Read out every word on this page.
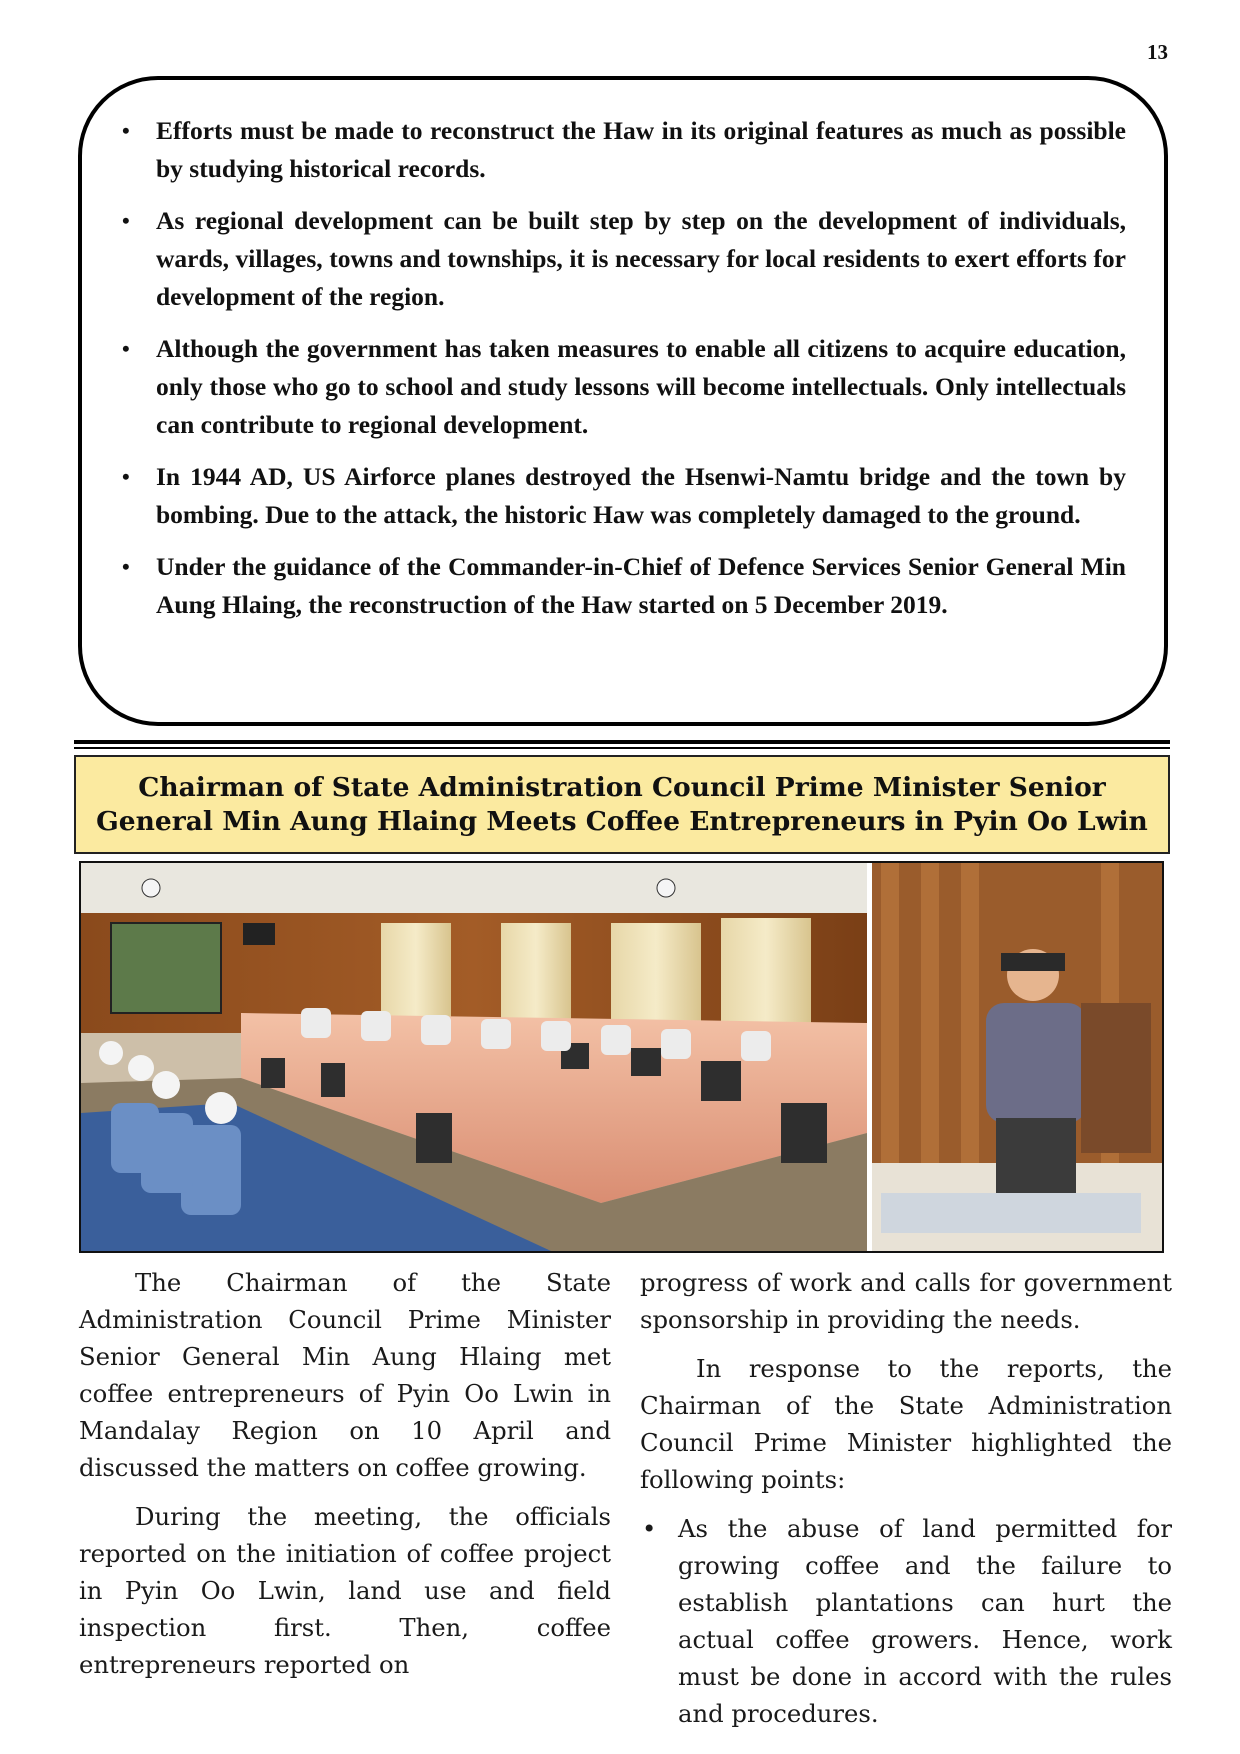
13
• Efforts must be made to reconstruct the Haw in its original features as much as possible by studying historical records.
• As regional development can be built step by step on the development of individuals, wards, villages, towns and townships, it is necessary for local residents to exert efforts for development of the region.
• Although the government has taken measures to enable all citizens to acquire education, only those who go to school and study lessons will become intellectuals. Only intellectuals can contribute to regional development.
• In 1944 AD, US Airforce planes destroyed the Hsenwi-Namtu bridge and the town by bombing. Due to the attack, the historic Haw was completely damaged to the ground.
• Under the guidance of the Commander-in-Chief of Defence Services Senior General Min Aung Hlaing, the reconstruction of the Haw started on 5 December 2019.
Chairman of State Administration Council Prime Minister Senior General Min Aung Hlaing Meets Coffee Entrepreneurs in Pyin Oo Lwin

The Chairman of the State Administration Council Prime Minister Senior General Min Aung Hlaing met coffee entrepreneurs of Pyin Oo Lwin in Mandalay Region on 10 April and discussed the matters on coffee growing.

During the meeting, the officials reported on the initiation of coffee project in Pyin Oo Lwin, land use and field inspection first. Then, coffee entrepreneurs reported on

progress of work and calls for government sponsorship in providing the needs.

In response to the reports, the Chairman of the State Administration Council Prime Minister highlighted the following points:

• As the abuse of land permitted for growing coffee and the failure to establish plantations can hurt the actual coffee growers. Hence, work must be done in accord with the rules and procedures.
